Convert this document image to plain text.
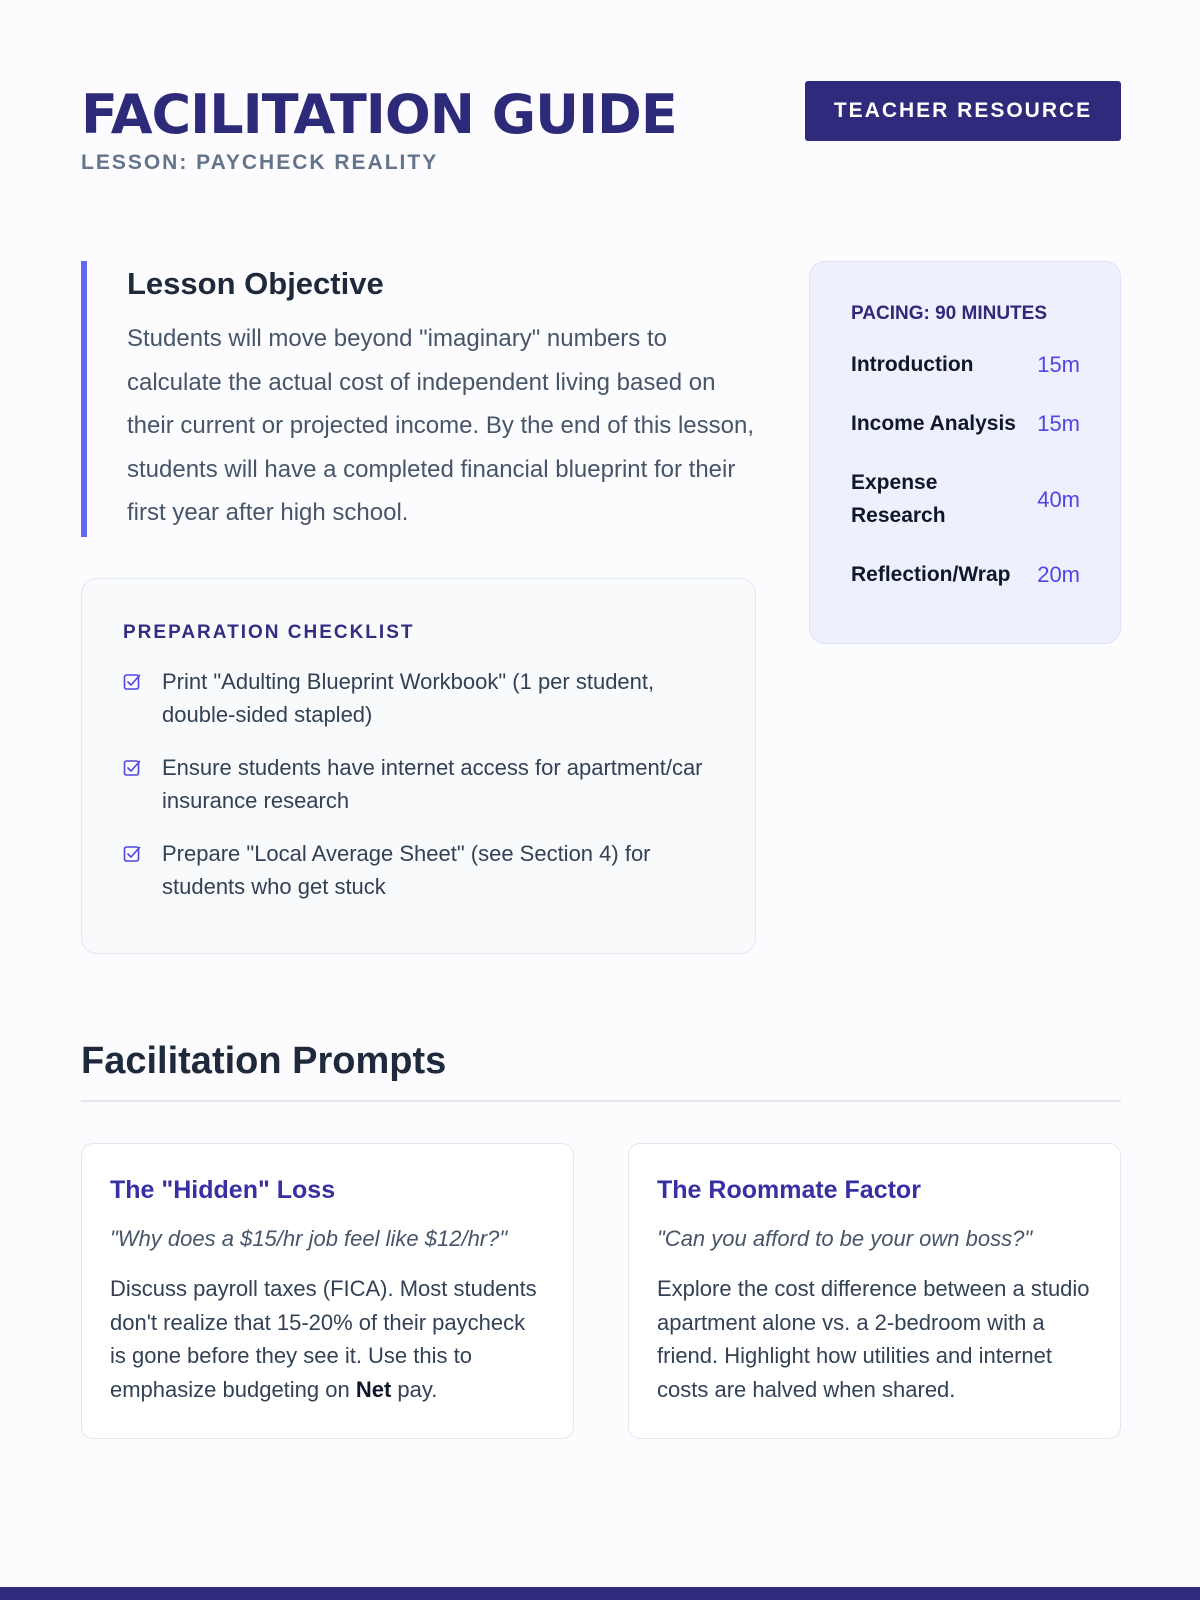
FACILITATION GUIDE
LESSON: PAYCHECK REALITY
TEACHER RESOURCE
Lesson Objective

Students will move beyond "imaginary" numbers to calculate the actual cost of independent living based on their current or projected income. By the end of this lesson, students will have a completed financial blueprint for their first year after high school.

PACING: 90 MINUTES
Introduction	15m
Income Analysis 15m
Expense Research
40m
Reflection/Wrap 20m
PREPARATION CHECKLIST
Print "Adulting Blueprint Workbook" (1 per student, double-sided stapled)
Ensure students have internet access for apartment/car insurance research
Prepare "Local Average Sheet" (see Section 4) for students who get stuck
Facilitation Prompts
The "Hidden" Loss
"Why does a $15/hr job feel like $12/hr?"
Discuss payroll taxes (FICA). Most students don't realize that 15-20% of their paycheck is gone before they see it. Use this to emphasize budgeting on Net pay.
The Roommate Factor
"Can you afford to be your own boss?"
Explore the cost difference between a studio apartment alone vs. a 2-bedroom with a friend. Highlight how utilities and internet costs are halved when shared.
